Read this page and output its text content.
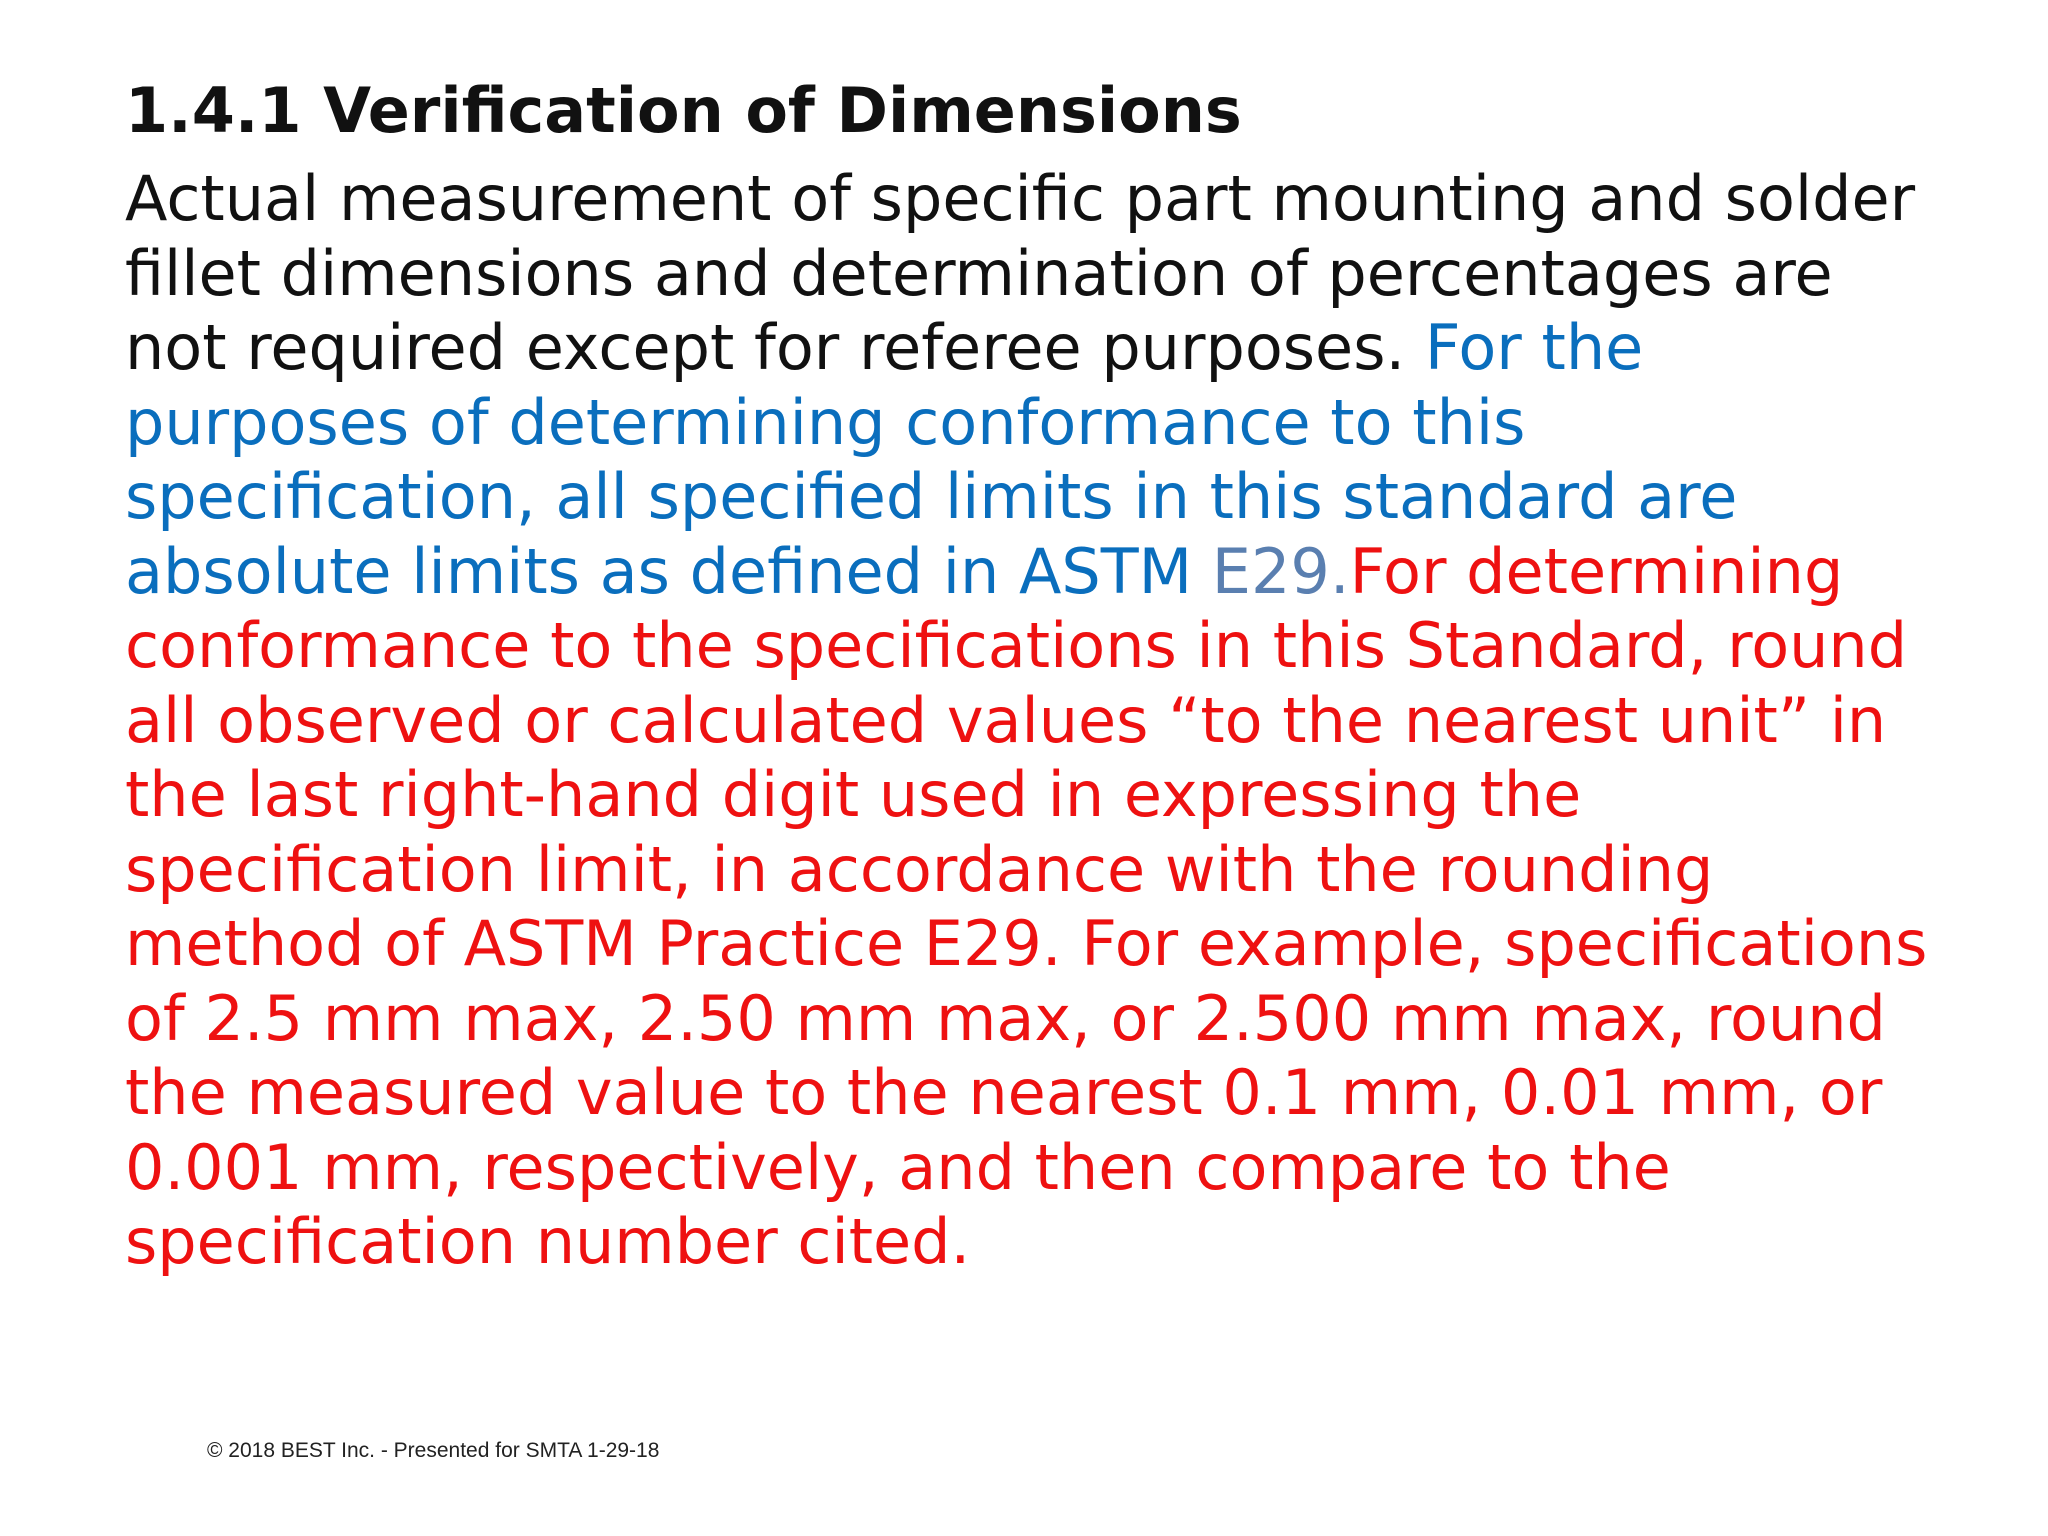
1.4.1 Verification of Dimensions
Actual measurement of specific part mounting and solder
fillet dimensions and determination of percentages are
not required except for referee purposes. For the
purposes of determining conformance to this
specification, all specified limits in this standard are
absolute limits as defined in ASTM E29.For determining
conformance to the specifications in this Standard, round
all observed or calculated values “to the nearest unit” in
the last right-hand digit used in expressing the
specification limit, in accordance with the rounding
method of ASTM Practice E29. For example, specifications
of 2.5 mm max, 2.50 mm max, or 2.500 mm max, round
the measured value to the nearest 0.1 mm, 0.01 mm, or
0.001 mm, respectively, and then compare to the
specification number cited.
© 2018 BEST Inc. - Presented for SMTA 1-29-18
